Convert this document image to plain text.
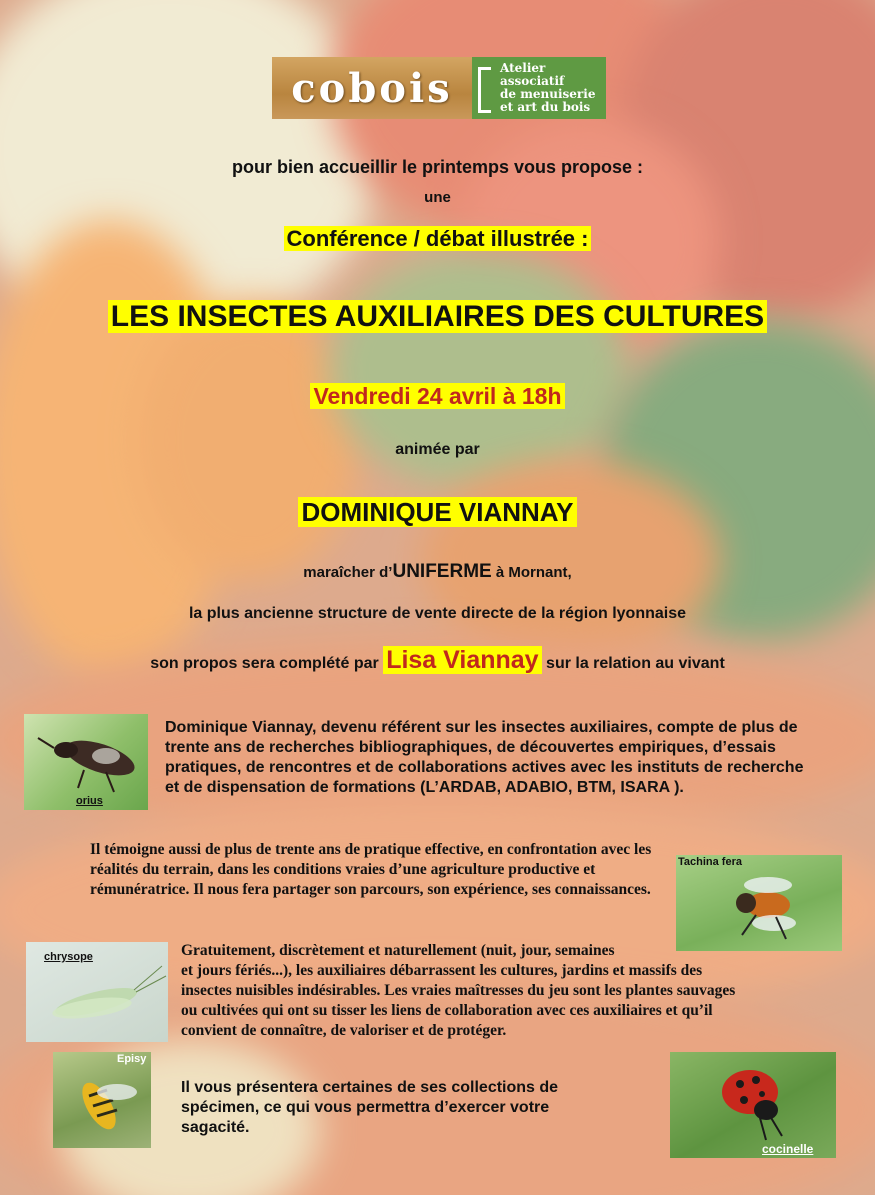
cobois	Atelier associatif
de menuiserie
et art du bois
pour bien accueillir le printemps vous propose :
une
Conférence / débat illustrée :
LES INSECTES AUXILIAIRES DES CULTURES
Vendredi 24 avril à 18h
animée par
DOMINIQUE VIANNAY
maraîcher d’UNIFERME à Mornant,
la plus ancienne structure de vente directe de la région lyonnaise
son propos sera complété par Lisa Viannay sur la relation au vivant
orius
Dominique Viannay, devenu référent sur les insectes auxiliaires, compte de plus de trente ans de recherches bibliographiques, de découvertes empiriques, d’essais pratiques, de rencontres et de collaborations actives avec les instituts de recherche et de dispensation de formations (L’ARDAB, ADABIO, BTM, ISARA ).
Il témoigne aussi de plus de trente ans de pratique effective, en confrontation avec les réalités du terrain, dans les conditions vraies d’une agriculture productive et rémunératrice. Il nous fera partager son parcours, son expérience, ses connaissances.
Tachina fera
chrysope	Gratuitement, discrètement et naturellement (nuit, jour, semaines
et jours fériés...), les auxiliaires débarrassent les cultures, jardins et massifs des insectes nuisibles indésirables. Les vraies maîtresses du jeu sont les plantes sauvages ou cultivées qui ont su tisser les liens de collaboration avec ces auxiliaires et qu’il convient de connaître, de valoriser et de protéger.
Episy
Il vous présentera certaines de ses collections de spécimen, ce qui vous permettra d’exercer votre sagacité.
cocinelle
